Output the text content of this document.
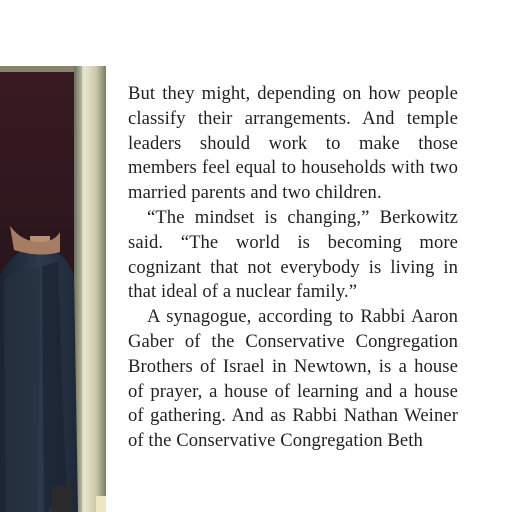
But they might, depending on how people classify their arrangements. And temple leaders should work to make those members feel equal to households with two married parents and two children.

“The mindset is changing,” Berkowitz said. “The world is becoming more cognizant that not everybody is living in that ideal of a nuclear family.”

A synagogue, according to Rabbi Aaron Gaber of the Conservative Congregation Brothers of Israel in Newtown, is a house of prayer, a house of learning and a house of gathering. And as Rabbi Nathan Weiner of the Conservative Congregation Beth
